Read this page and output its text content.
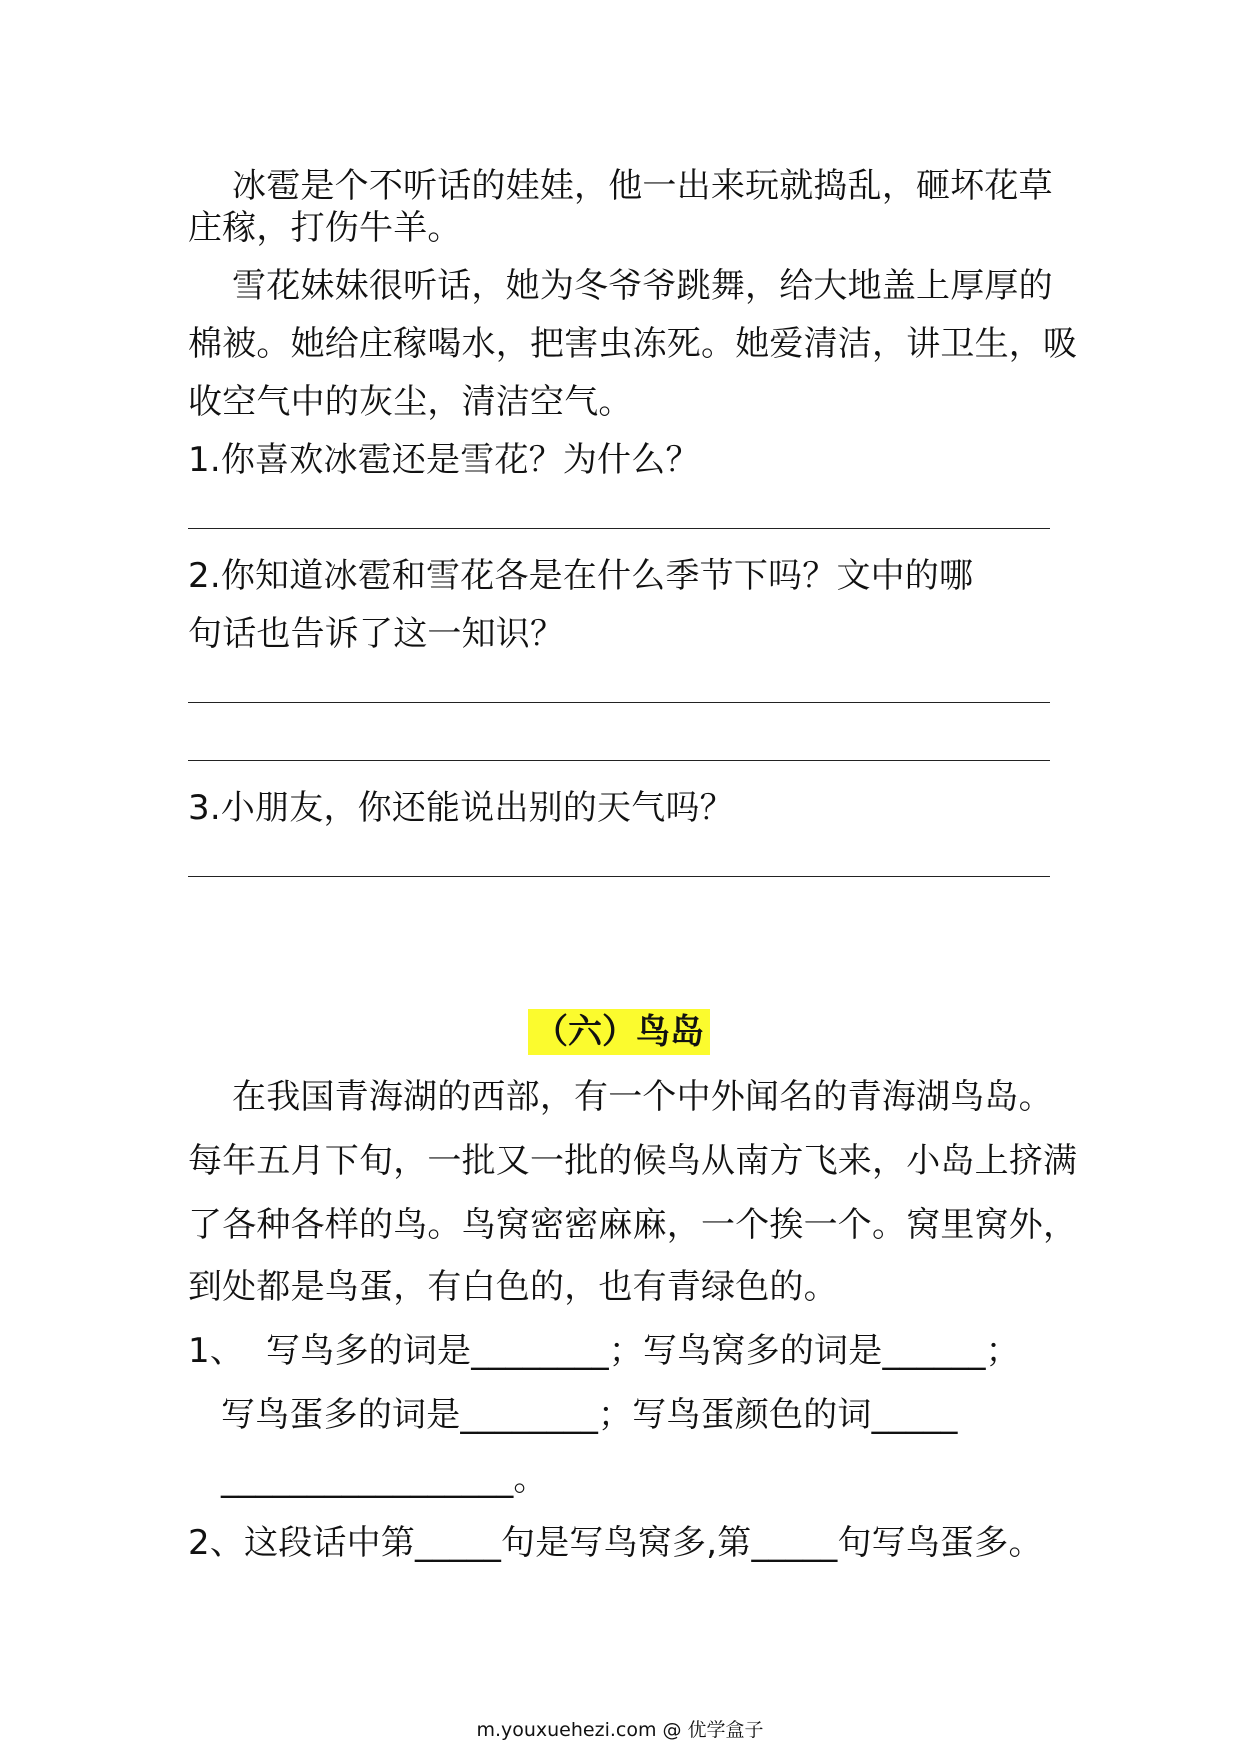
冰雹是个不听话的娃娃，他一出来玩就捣乱，砸坏花草
庄稼，打伤牛羊。
雪花妹妹很听话，她为冬爷爷跳舞，给大地盖上厚厚的
棉被。她给庄稼喝水，把害虫冻死。她爱清洁，讲卫生，吸
收空气中的灰尘，清洁空气。
1.你喜欢冰雹还是雪花？为什么？
2.你知道冰雹和雪花各是在什么季节下吗？文中的哪
句话也告诉了这一知识？
3.小朋友，你还能说出别的天气吗？
（六）鸟岛
在我国青海湖的西部，有一个中外闻名的青海湖鸟岛。
每年五月下旬，一批又一批的候鸟从南方飞来，小岛上挤满
了各种各样的鸟。鸟窝密密麻麻，一个挨一个。窝里窝外，
到处都是鸟蛋，有白色的，也有青绿色的。
1、  写鸟多的词是________；写鸟窝多的词是______；
写鸟蛋多的词是________；写鸟蛋颜色的词_____
_________________。
2、这段话中第_____句是写鸟窝多,第_____句写鸟蛋多。
m.youxuehezi.com @ 优学盒子
